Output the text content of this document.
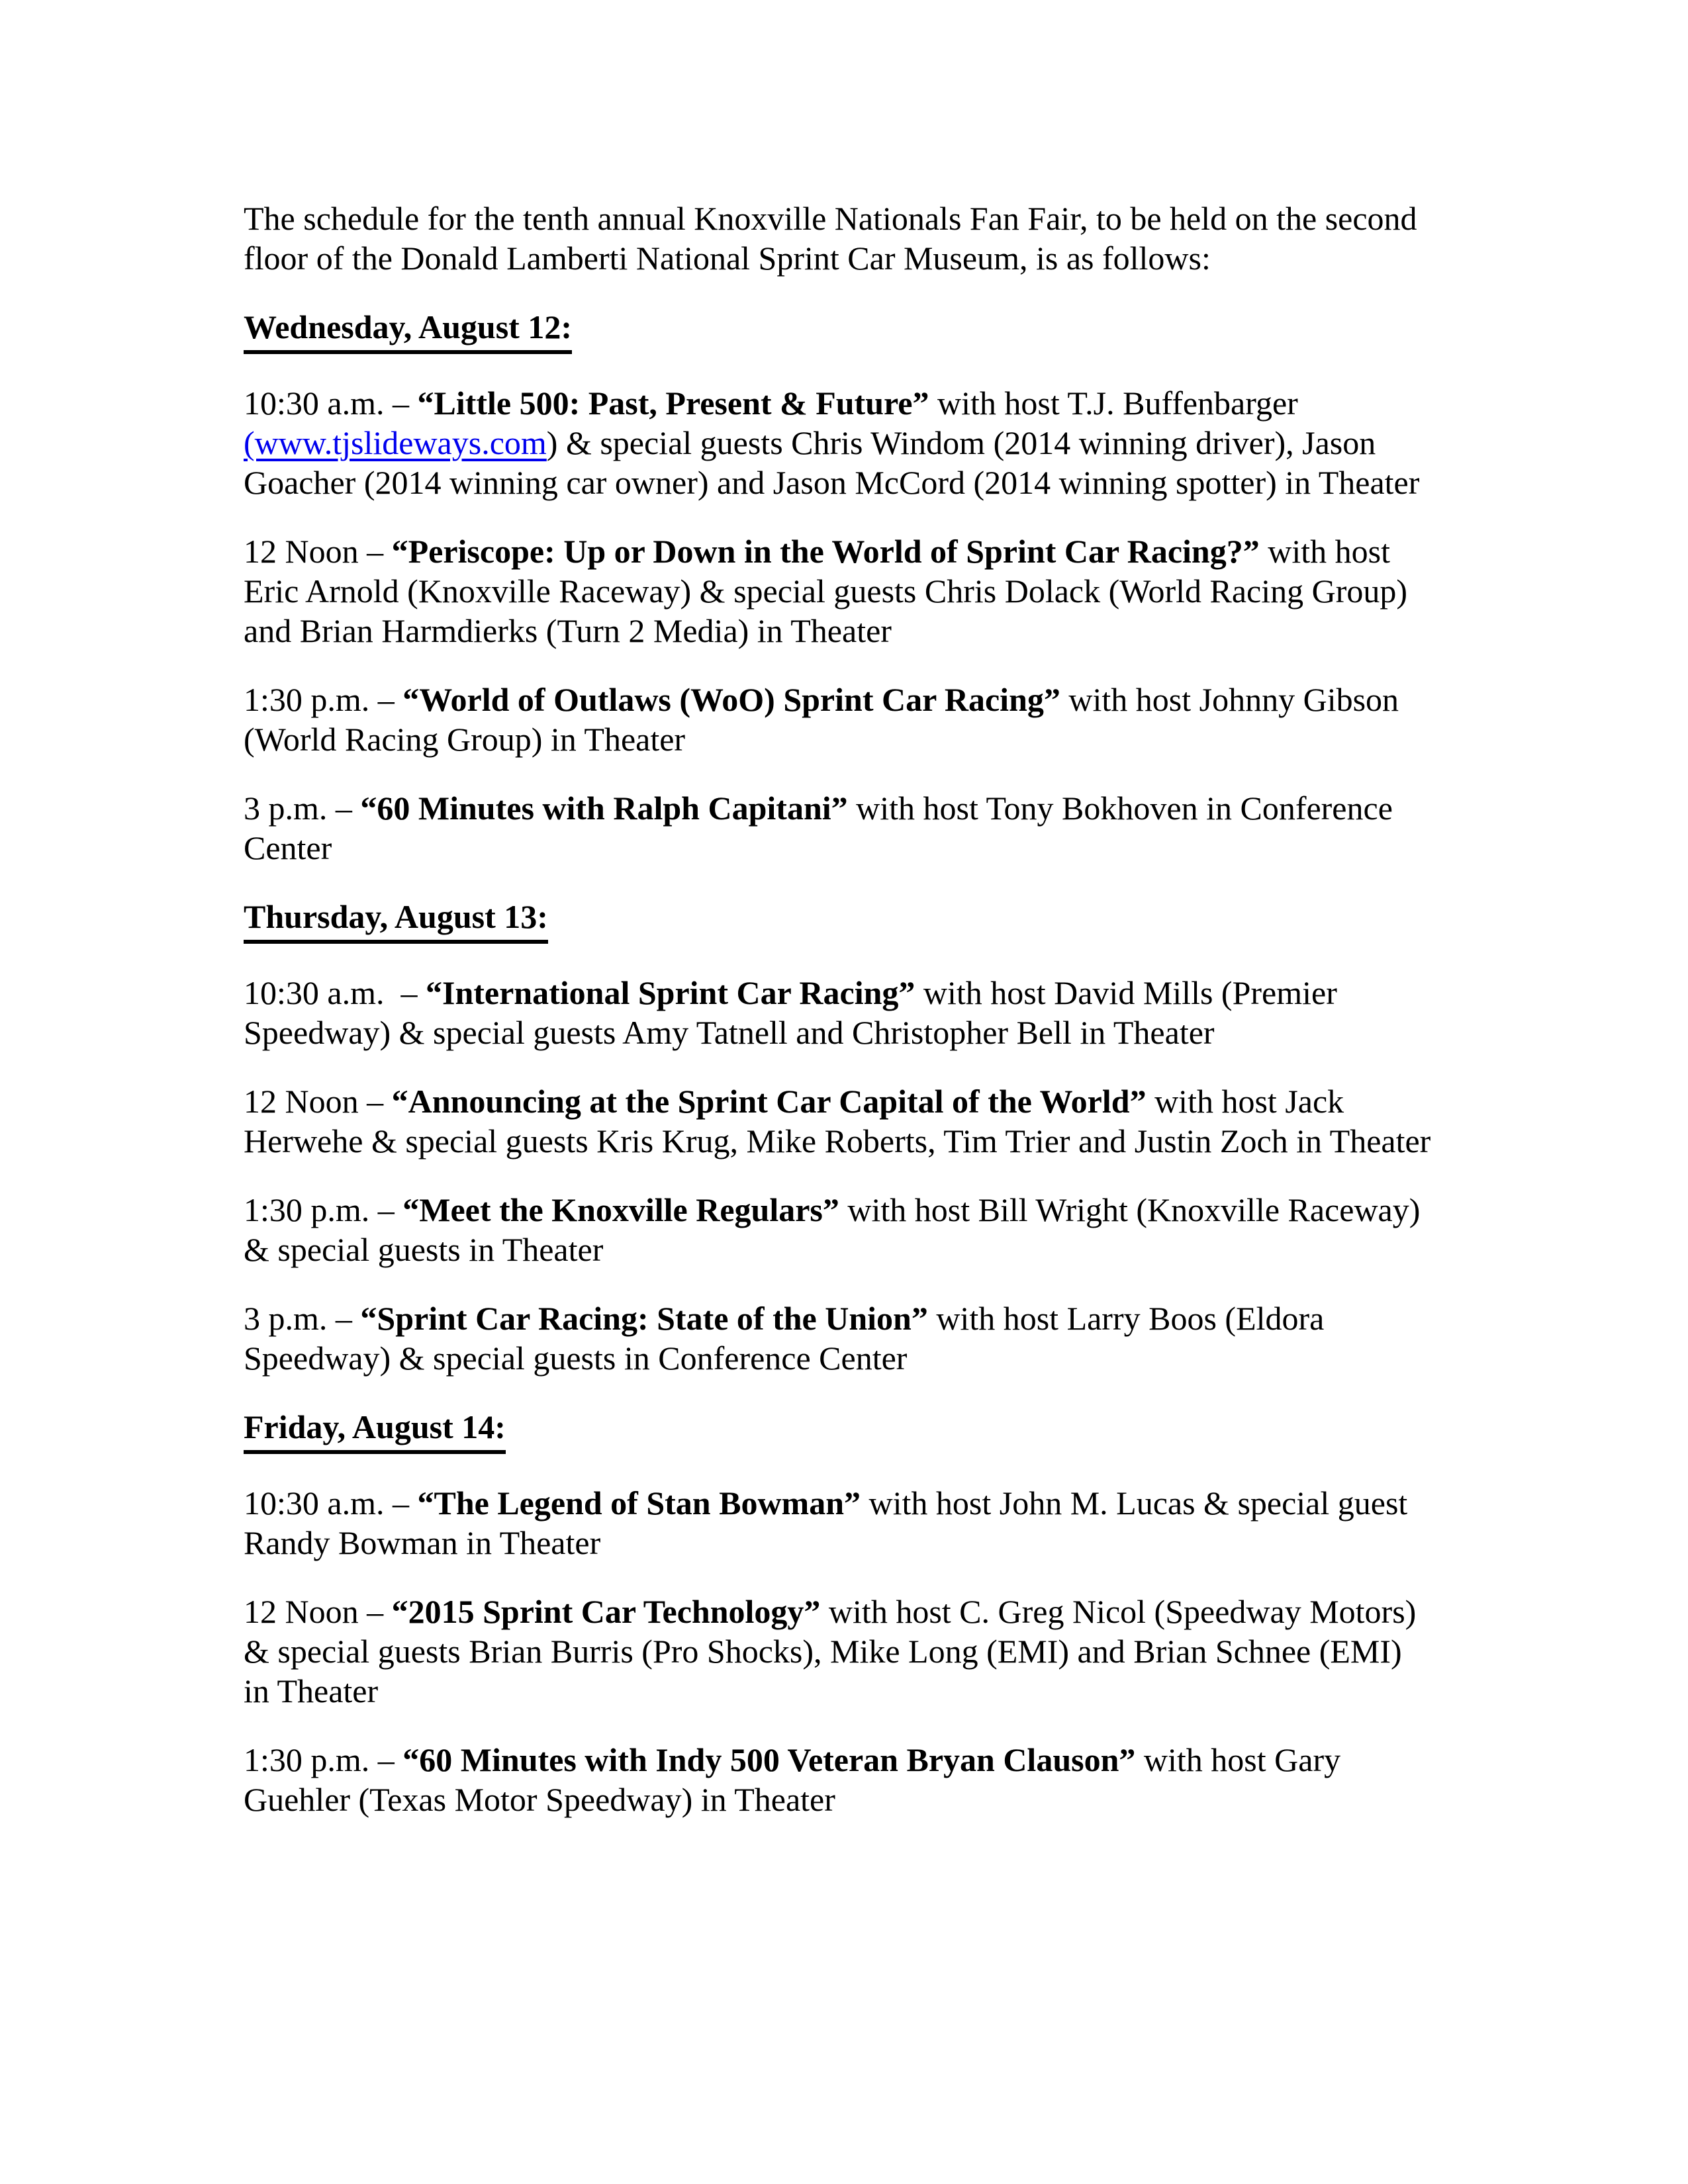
The schedule for the tenth annual Knoxville Nationals Fan Fair, to be held on the second
floor of the Donald Lamberti National Sprint Car Museum, is as follows:

Wednesday, August 12:

10:30 a.m. – “Little 500: Past, Present & Future” with host T.J. Buffenbarger
(www.tjslideways.com) & special guests Chris Windom (2014 winning driver), Jason
Goacher (2014 winning car owner) and Jason McCord (2014 winning spotter) in Theater

12 Noon – “Periscope: Up or Down in the World of Sprint Car Racing?” with host
Eric Arnold (Knoxville Raceway) & special guests Chris Dolack (World Racing Group)
and Brian Harmdierks (Turn 2 Media) in Theater

1:30 p.m. – “World of Outlaws (WoO) Sprint Car Racing” with host Johnny Gibson
(World Racing Group) in Theater

3 p.m. – “60 Minutes with Ralph Capitani” with host Tony Bokhoven in Conference
Center

Thursday, August 13:

10:30 a.m.  – “International Sprint Car Racing” with host David Mills (Premier
Speedway) & special guests Amy Tatnell and Christopher Bell in Theater

12 Noon – “Announcing at the Sprint Car Capital of the World” with host Jack
Herwehe & special guests Kris Krug, Mike Roberts, Tim Trier and Justin Zoch in Theater

1:30 p.m. – “Meet the Knoxville Regulars” with host Bill Wright (Knoxville Raceway)
& special guests in Theater

3 p.m. – “Sprint Car Racing: State of the Union” with host Larry Boos (Eldora
Speedway) & special guests in Conference Center

Friday, August 14:

10:30 a.m. – “The Legend of Stan Bowman” with host John M. Lucas & special guest
Randy Bowman in Theater

12 Noon – “2015 Sprint Car Technology” with host C. Greg Nicol (Speedway Motors)
& special guests Brian Burris (Pro Shocks), Mike Long (EMI) and Brian Schnee (EMI)
in Theater

1:30 p.m. – “60 Minutes with Indy 500 Veteran Bryan Clauson” with host Gary
Guehler (Texas Motor Speedway) in Theater
